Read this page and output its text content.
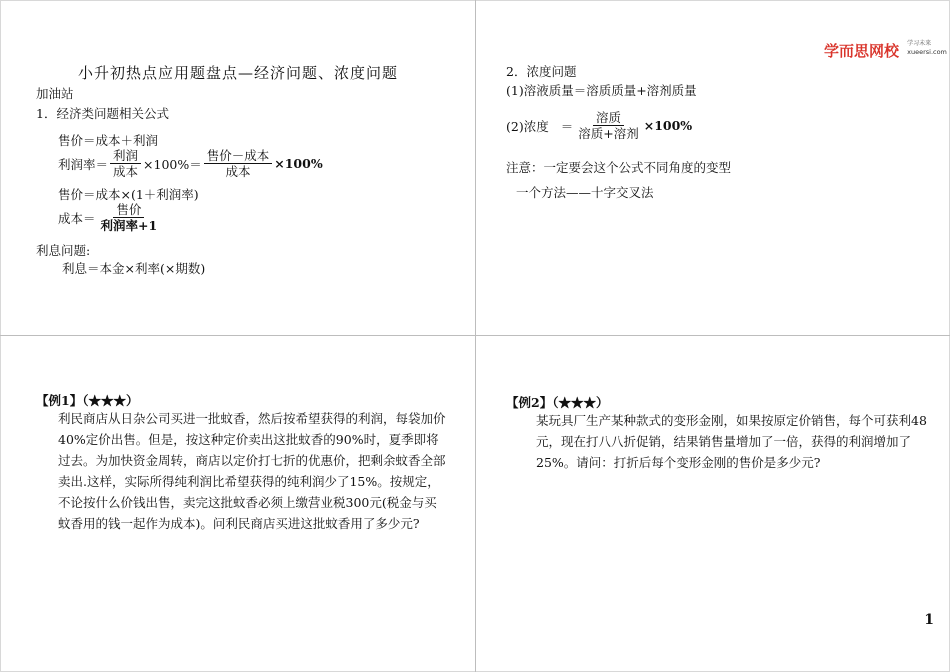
学而思网校 学习未来
xueersi.com
小升初热点应用题盘点—经济问题、浓度问题
加油站
1．经济类问题相关公式
售价＝成本＋利润
利润率＝ $\frac{\text{利润}}{\text{成本}} \times 100\%= \frac{\text{售价－成本}}{\text{成本}} \times 100\%$
售价＝成本×(1＋利润率)
成本＝ $\frac{\text{售价}}{\text{利润率+1}}$
利息问题:
利息＝本金×利率(×期数)
2．浓度问题
(1)溶液质量＝溶质质量+溶剂质量
(2)浓度 ＝ $\frac{\text{溶质}}{\text{溶质+溶剂}} \times 100\%$
注意：一定要会这个公式不同角度的变型
一个方法——十字交叉法
【例1】（★★★）
利民商店从日杂公司买进一批蚊香，然后按希望获得的利润，每袋加价40%定价出售。但是，按这种定价卖出这批蚊香的90%时，夏季即将过去。为加快资金周转，商店以定价打七折的优惠价，把剩余蚊香全部卖出.这样，实际所得纯利润比希望获得的纯利润少了15%。按规定，不论按什么价钱出售，卖完这批蚊香必须上缴营业税300元(税金与买蚊香用的钱一起作为成本)。问利民商店买进这批蚊香用了多少元?
【例2】（★★★）
某玩具厂生产某种款式的变形金刚，如果按原定价销售，每个可获利48元，现在打八八折促销，结果销售量增加了一倍，获得的利润增加了25%。请问：打折后每个变形金刚的售价是多少元?
1
